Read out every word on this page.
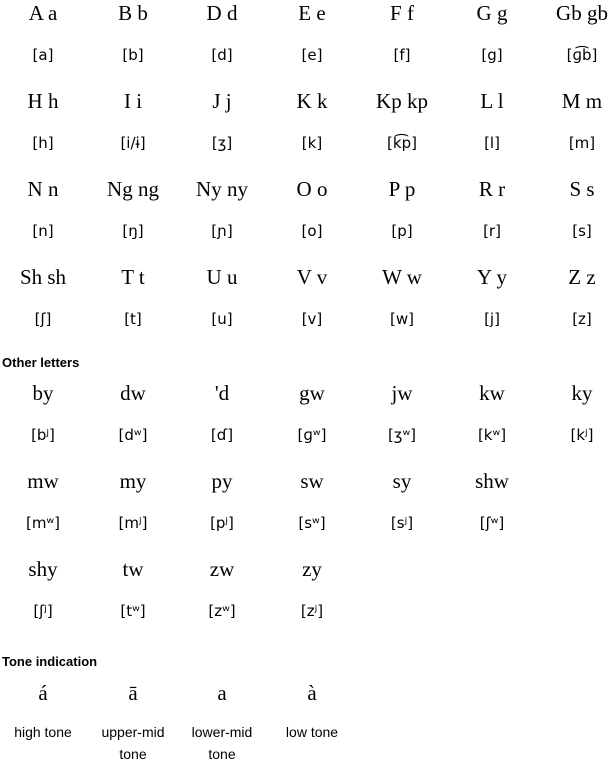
A a	B b	D d	E e	F f	G g	Gb gb
[a]	[b]	[d]	[e]	[f]	[g]	[ɡ͡b]
H h	I i	J j	K k	Kp kp	L l	M m
[h]	[i/ɨ]	[ʒ]	[k]	[k͡p]	[l]	[m]
N n	Ng ng	Ny ny	O o	P p	R r	S s
[n]	[ŋ]	[ɲ]	[o]	[p]	[r]	[s]
Sh sh	T t	U u	V v	W w	Y y	Z z
[ʃ]	[t]	[u]	[v]	[w]	[j]	[z]
Other letters
by	dw	'd	gw	jw	kw	ky
[bʲ]	[dʷ]	[ɗ]	[ɡʷ]	[ʒʷ]	[kʷ]	[kʲ]
mw	my	py	sw	sy	shw
[mʷ]	[mʲ]	[pʲ]	[sʷ]	[sʲ]	[ʃʷ]
shy	tw	zw	zy
[ʃʲ]	[tʷ]	[zʷ]	[zʲ]
Tone indication
á
high tone
ā
upper-mid tone
a
lower-mid tone
à
low tone
